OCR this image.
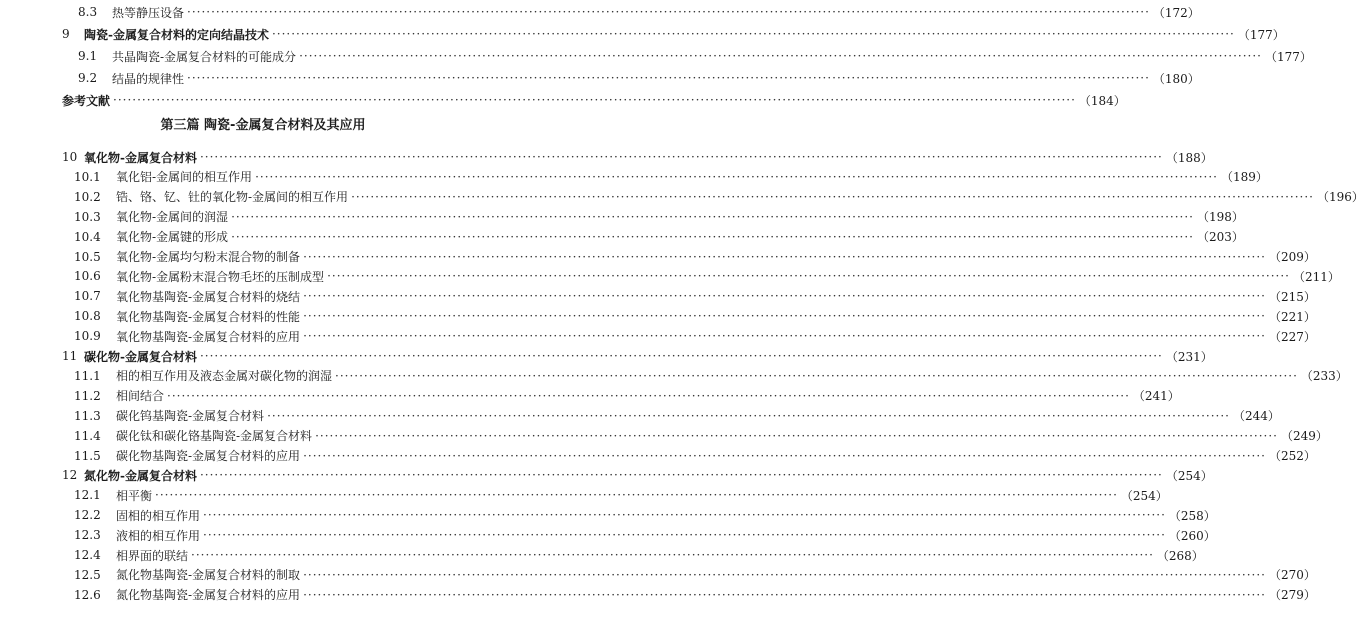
8.3	热等静压设备 ········································································································································································································ （172）
9	陶瓷-金属复合材料的定向结晶技术 ········································································································································································································ （177）
9.1	共晶陶瓷-金属复合材料的可能成分 ········································································································································································································ （177）
9.2	结晶的规律性 ········································································································································································································ （180）
参考文献 ········································································································································································································ （184）
第三篇 陶瓷-金属复合材料及其应用
10 氧化物-金属复合材料 ········································································································································································································ （188）
10.1	氧化铝-金属间的相互作用 ········································································································································································································ （189）
10.2	锆、铬、钇、钍的氧化物-金属间的相互作用 ········································································································································································································ （196）
10.3	氧化物-金属间的润湿 ········································································································································································································ （198）
10.4	氧化物-金属键的形成 ········································································································································································································ （203）
10.5	氧化物-金属均匀粉末混合物的制备 ········································································································································································································ （209）
10.6	氧化物-金属粉末混合物毛坯的压制成型 ········································································································································································································ （211）
10.7	氧化物基陶瓷-金属复合材料的烧结 ········································································································································································································ （215）
10.8	氧化物基陶瓷-金属复合材料的性能 ········································································································································································································ （221）
10.9	氧化物基陶瓷-金属复合材料的应用 ········································································································································································································ （227）
11 碳化物-金属复合材料 ········································································································································································································ （231）
11.1	相的相互作用及液态金属对碳化物的润湿 ········································································································································································································ （233）
11.2	相间结合 ········································································································································································································ （241）
11.3	碳化钨基陶瓷-金属复合材料 ········································································································································································································ （244）
11.4	碳化钛和碳化铬基陶瓷-金属复合材料 ········································································································································································································ （249）
11.5	碳化物基陶瓷-金属复合材料的应用 ········································································································································································································ （252）
12 氮化物-金属复合材料 ········································································································································································································ （254）
12.1	相平衡 ········································································································································································································ （254）
12.2	固相的相互作用 ········································································································································································································ （258）
12.3	液相的相互作用 ········································································································································································································ （260）
12.4	相界面的联结 ········································································································································································································ （268）
12.5	氮化物基陶瓷-金属复合材料的制取 ········································································································································································································ （270）
12.6	氮化物基陶瓷-金属复合材料的应用 ········································································································································································································ （279）
